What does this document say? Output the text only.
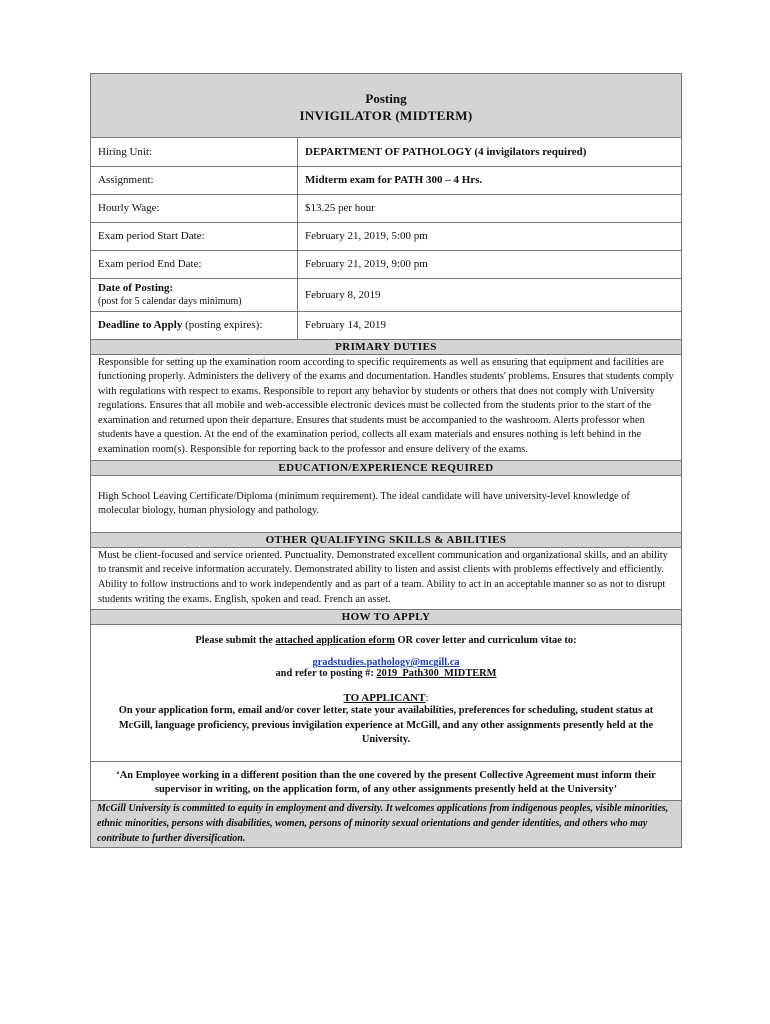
Posting
INVIGILATOR (MIDTERM)
Hiring Unit:	DEPARTMENT OF PATHOLOGY (4 invigilators required)
Assignment:	Midterm exam for PATH 300 – 4 Hrs.
Hourly Wage:	$13.25 per hour
Exam period Start Date:	February 21, 2019, 5:00 pm
Exam period End Date:	February 21, 2019, 9:00 pm

Date of Posting:
(post for 5 calendar days minimum)	February 8, 2019
Deadline to Apply (posting expires):	February 14, 2019
PRIMARY DUTIES
Responsible for setting up the examination room according to specific requirements as well as ensuring that equipment and facilities are functioning properly. Administers the delivery of the exams and documentation. Handles students' problems. Ensures that students comply with regulations with respect to exams. Responsible to report any behavior by students or others that does not comply with University regulations. Ensures that all mobile and web-accessible electronic devices must be collected from the students prior to the start of the examination and returned upon their departure. Ensures that students must be accompanied to the washroom. Alerts professor when students have a question. At the end of the examination period, collects all exam materials and ensures nothing is left behind in the examination room(s). Responsible for reporting back to the professor and ensure delivery of the exams.
EDUCATION/EXPERIENCE REQUIRED
High School Leaving Certificate/Diploma (minimum requirement). The ideal candidate will have university-level knowledge of molecular biology, human physiology and pathology.
OTHER QUALIFYING SKILLS & ABILITIES
Must be client-focused and service oriented. Punctuality. Demonstrated excellent communication and organizational skills, and an ability to transmit and receive information accurately. Demonstrated ability to listen and assist clients with problems effectively and efficiently. Ability to follow instructions and to work independently and as part of a team. Ability to act in an acceptable manner so as not to disrupt students writing the exams. English, spoken and read. French an asset.
HOW TO APPLY

Please submit the attached application eform OR cover letter and curriculum vitae to:

gradstudies.pathology@mcgill.ca

and refer to posting #: 2019_Path300_MIDTERM

TO APPLICANT:

On your application form, email and/or cover letter, state your availabilities, preferences for scheduling, student status at McGill, language proficiency, previous invigilation experience at McGill, and any other assignments presently held at the University.

‘An Employee working in a different position than the one covered by the present Collective Agreement must inform their supervisor in writing, on the application form, of any other assignments presently held at the University’

McGill University is committed to equity in employment and diversity. It welcomes applications from indigenous peoples, visible minorities, ethnic minorities, persons with disabilities, women, persons of minority sexual orientations and gender identities, and others who may contribute to further diversification.
